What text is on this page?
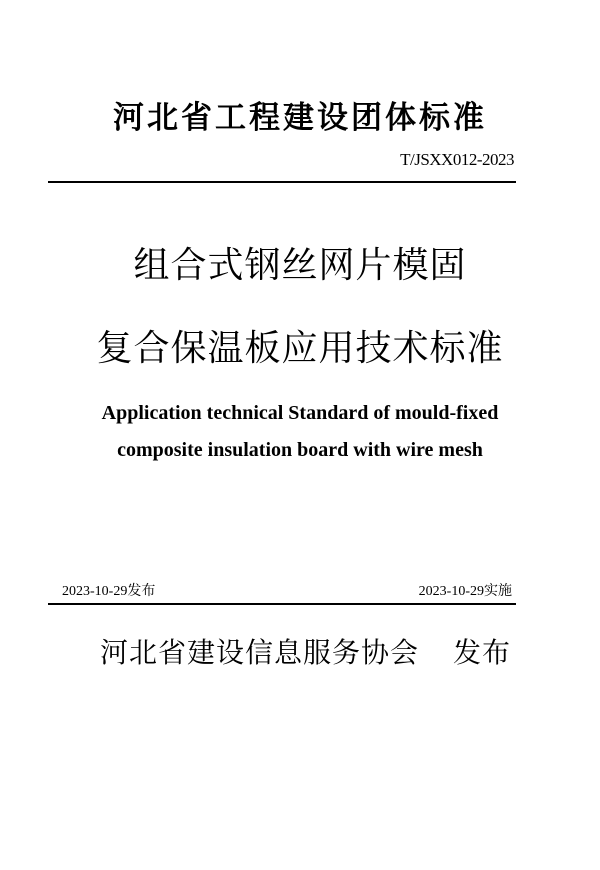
河北省工程建设团体标准
T/JSXX012-2023
组合式钢丝网片模固
复合保温板应用技术标准
Application technical Standard of mould-fixed
composite insulation board with wire mesh
2023-10-29发布	2023-10-29实施
河北省建设信息服务协会 发布
